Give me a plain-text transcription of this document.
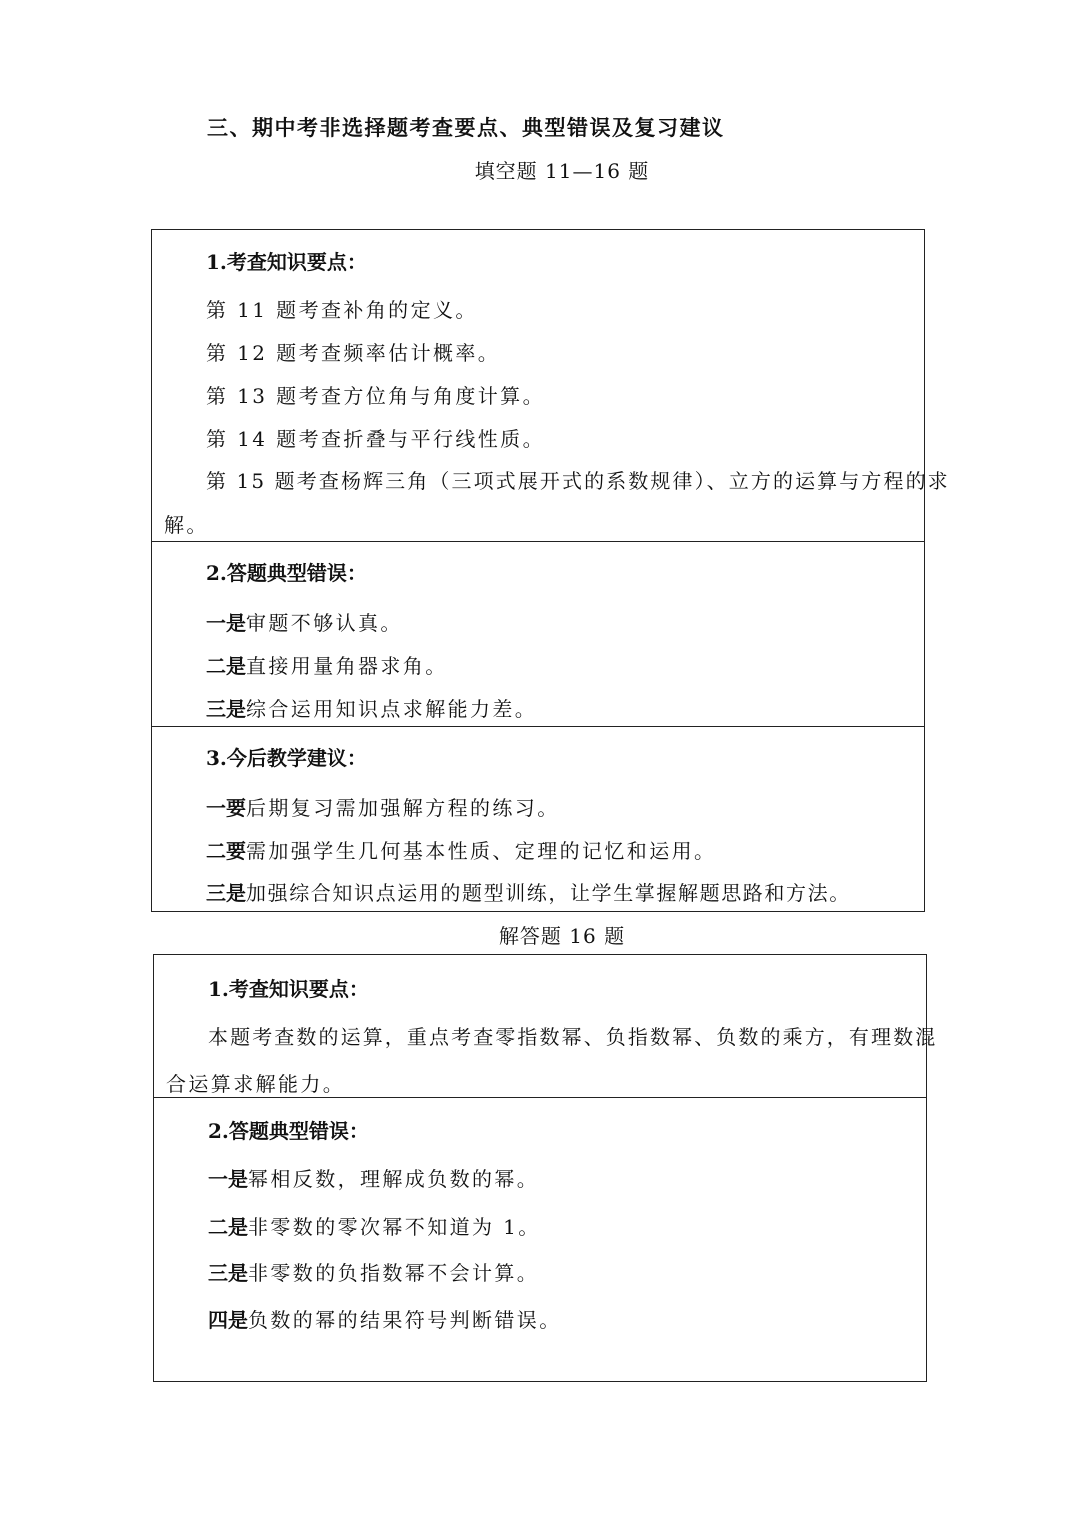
三、期中考非选择题考查要点、典型错误及复习建议
填空题 11—16 题
1.考查知识要点：
第 11 题考查补角的定义。
第 12 题考查频率估计概率。
第 13 题考查方位角与角度计算。
第 14 题考查折叠与平行线性质。
第 15 题考查杨辉三角（三项式展开式的系数规律）、立方的运算与方程的求
解。
2.答题典型错误：
一是审题不够认真。
二是直接用量角器求角。
三是综合运用知识点求解能力差。
3.今后教学建议：
一要后期复习需加强解方程的练习。
二要需加强学生几何基本性质、定理的记忆和运用。
三是加强综合知识点运用的题型训练，让学生掌握解题思路和方法。
解答题 16 题
1.考查知识要点：
本题考查数的运算，重点考查零指数幂、负指数幂、负数的乘方，有理数混
合运算求解能力。
2.答题典型错误：
一是幂相反数，理解成负数的幂。
二是非零数的零次幂不知道为 1。
三是非零数的负指数幂不会计算。
四是负数的幂的结果符号判断错误。
